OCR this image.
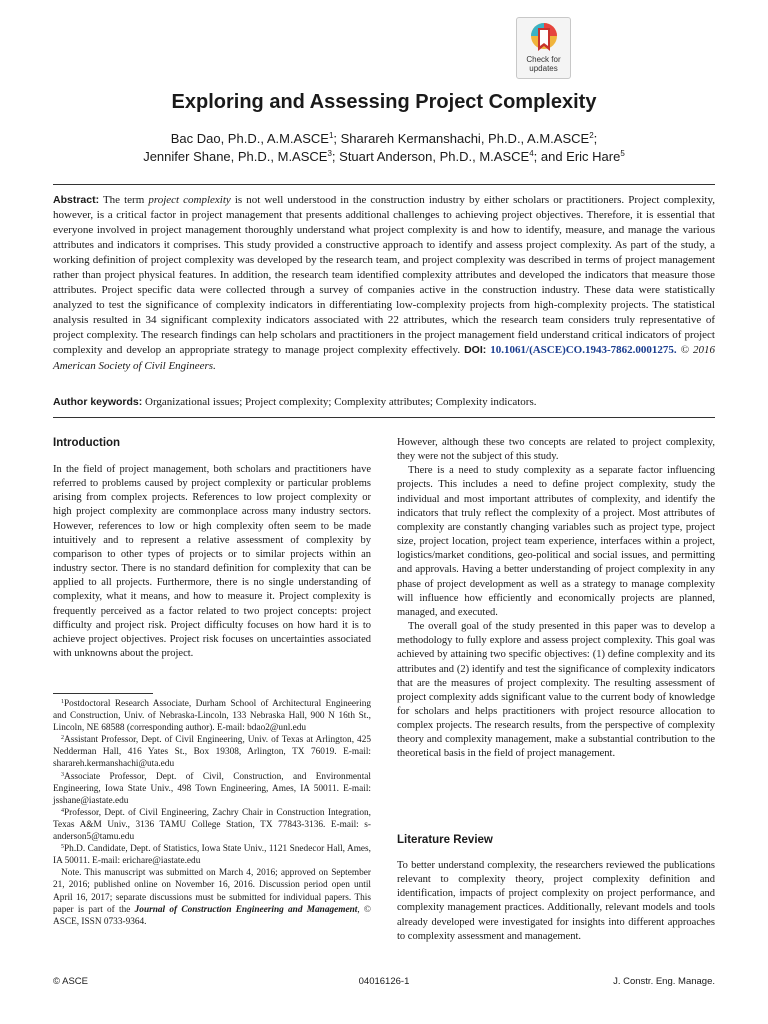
Check for
updates
Exploring and Assessing Project Complexity
Bac Dao, Ph.D., A.M.ASCE$^1$; Sharareh Kermanshachi, Ph.D., A.M.ASCE$^2$;
Jennifer Shane, Ph.D., M.ASCE$^3$; Stuart Anderson, Ph.D., M.ASCE$^4$; and Eric Hare$^5$
Abstract: The term project complexity is not well understood in the construction industry by either scholars or practitioners. Project complexity, however, is a critical factor in project management that presents additional challenges to achieving project objectives. Therefore, it is essential that everyone involved in project management thoroughly understand what project complexity is and how to identify, measure, and manage the various attributes and indicators it comprises. This study provided a constructive approach to identify and assess project complexity. As part of the study, a working definition of project complexity was developed by the research team, and project complexity was described in terms of project management rather than project physical features. In addition, the research team identified complexity attributes and developed the indicators that measure those attributes. Project specific data were collected through a survey of companies active in the construction industry. These data were statistically analyzed to test the significance of complexity indicators in differentiating low-complexity projects from high-complexity projects. The statistical analysis resulted in 34 significant complexity indicators associated with 22 attributes, which the research team considers truly representative of project complexity. The research findings can help scholars and practitioners in the project management field understand critical indicators of project complexity and develop an appropriate strategy to manage project complexity effectively. DOI: 10.1061/(ASCE)CO.1943-7862.0001275. © 2016 American Society of Civil Engineers.
Author keywords: Organizational issues; Project complexity; Complexity attributes; Complexity indicators.
Introduction

In the field of project management, both scholars and practitioners have referred to problems caused by project complexity or particular problems arising from complex projects. References to low project complexity or high project complexity are commonplace across many industry sectors. However, references to low or high complexity often seem to be made intuitively and to represent a relative assessment of complexity by comparison to other types of projects or to similar projects within an industry sector. There is no standard definition for complexity that can be applied to all projects. Furthermore, there is no single understanding of complexity, what it means, and how to measure it. Project complexity is frequently perceived as a factor related to two project concepts: project difficulty and project risk. Project difficulty focuses on how hard it is to achieve project objectives. Project risk focuses on uncertainties associated with unknowns about the project.

$^1$Postdoctoral Research Associate, Durham School of Architectural Engineering and Construction, Univ. of Nebraska-Lincoln, 133 Nebraska Hall, 900 N 16th St., Lincoln, NE 68588 (corresponding author). E-mail: bdao2@unl.edu

$^2$Assistant Professor, Dept. of Civil Engineering, Univ. of Texas at Arlington, 425 Nedderman Hall, 416 Yates St., Box 19308, Arlington, TX 76019. E-mail: sharareh.kermanshachi@uta.edu

$^3$Associate Professor, Dept. of Civil, Construction, and Environmental Engineering, Iowa State Univ., 498 Town Engineering, Ames, IA 50011. E-mail: jsshane@iastate.edu

$^4$Professor, Dept. of Civil Engineering, Zachry Chair in Construction Integration, Texas A&M Univ., 3136 TAMU College Station, TX 77843-3136. E-mail: s-anderson5@tamu.edu

$^5$Ph.D. Candidate, Dept. of Statistics, Iowa State Univ., 1121 Snedecor Hall, Ames, IA 50011. E-mail: erichare@iastate.edu

Note. This manuscript was submitted on March 4, 2016; approved on September 21, 2016; published online on November 16, 2016. Discussion period open until April 16, 2017; separate discussions must be submitted for individual papers. This paper is part of the Journal of Construction Engineering and Management, © ASCE, ISSN 0733-9364.

However, although these two concepts are related to project complexity, they were not the subject of this study.

There is a need to study complexity as a separate factor influencing projects. This includes a need to define project complexity, study the individual and most important attributes of complexity, and identify the indicators that truly reflect the complexity of a project. Most attributes of complexity are constantly changing variables such as project type, project size, project location, project team experience, interfaces within a project, logistics/market conditions, geo-political and social issues, and permitting and approvals. Having a better understanding of project complexity in any phase of project development as well as a strategy to manage complexity will influence how efficiently and economically projects are planned, managed, and executed.

The overall goal of the study presented in this paper was to develop a methodology to fully explore and assess project complexity. This goal was achieved by attaining two specific objectives: (1) define complexity and its attributes and (2) identify and test the significance of complexity indicators that are the measures of project complexity. The resulting assessment of project complexity adds significant value to the current body of knowledge for scholars and helps practitioners with project resource allocation to complex projects. The research results, from the perspective of complexity theory and complexity management, make a substantial contribution to the theoretical basis in the field of project management.

Literature Review

To better understand complexity, the researchers reviewed the publications relevant to complexity theory, project complexity definition and identification, impacts of project complexity on project performance, and complexity management practices. Additionally, relevant models and tools already developed were investigated for insights into different approaches to complexity assessment and management.

© ASCE	04016126-1	J. Constr. Eng. Manage.
